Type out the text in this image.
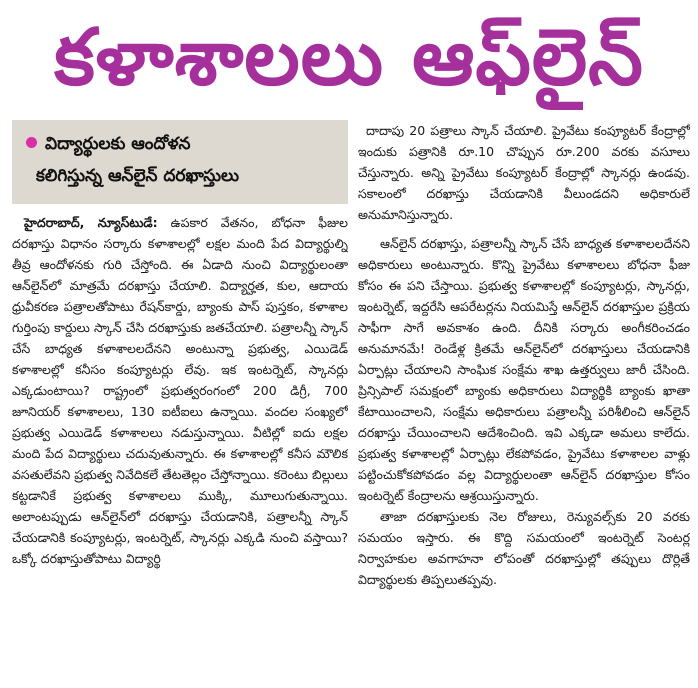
కళాశాలలు ఆఫ్‌లైన్
విద్యార్థులకు ఆందోళన
కలిగిస్తున్న ఆన్‌లైన్ దరఖాస్తులు

హైదరాబాద్, న్యూస్‌టుడే: ఉపకార వేతనం, బోధనా ఫీజుల దరఖాస్తు విధానం సర్కారు కళాశాలల్లో లక్షల మంది పేద విద్యార్థుల్ని తీవ్ర ఆందోళనకు గురి చేస్తోంది. ఈ ఏడాది నుంచి విద్యార్థులంతా ఆన్‌లైన్‌లో మాత్రమే దరఖాస్తు చేయాలి. విద్యార్హత, కుల, ఆదాయ ధ్రువీకరణ పత్రాలతోపాటు రేషన్‌కార్డు, బ్యాంకు పాస్ పుస్తకం, కళాశాల గుర్తింపు కార్డులు స్కాన్ చేసి దరఖాస్తుకు జతచేయాలి. పత్రాలన్నీ స్కాన్ చేసే బాధ్యత కళాశాలలదేనని అంటున్నా ప్రభుత్వ, ఎయిడెడ్ కళాశాలల్లో కనీసం కంప్యూటర్లు లేవు. ఇక ఇంటర్నెట్, స్కానర్లు ఎక్కడుంటాయి? రాష్ట్రంలో ప్రభుత్వరంగంలో 200 డిగ్రీ, 700 జూనియర్ కళాశాలలు, 130 ఐటీఐలు ఉన్నాయి. వందల సంఖ్యలో ప్రభుత్వ ఎయిడెడ్ కళాశాలలు నడుస్తున్నాయి. వీటిల్లో ఐదు లక్షల మంది పేద విద్యార్థులు చదువుతున్నారు. ఈ కళాశాలల్లో కనీస మౌలిక వసతులేవని ప్రభుత్వ నివేదికలే తేటతెల్లం చేస్తోన్నాయి. కరెంటు బిల్లులు కట్టడానికే ప్రభుత్వ కళాశాలలు ముక్కి, మూలుగుతున్నాయి. అలాంటప్పుడు ఆన్‌లైన్‌లో దరఖాస్తు చేయడానికి, పత్రాలన్నీ స్కాన్ చేయడానికి కంప్యూటర్లు, ఇంటర్నెట్, స్కానర్లు ఎక్కడి నుంచి వస్తాయి? ఒక్కో దరఖాస్తుతోపాటు విద్యార్థి

దాదాపు 20 పత్రాలు స్కాన్ చేయాలి. ప్రైవేటు కంప్యూటర్ కేంద్రాల్లో ఇందుకు పత్రానికి రూ.10 చొప్పున రూ.200 వరకు వసూలు చేస్తున్నారు. అన్ని ప్రైవేటు కంప్యూటర్ కేంద్రాల్లో స్కానర్లు ఉండవు. సకాలంలో దరఖాస్తు చేయడానికి వీలుండదని అధికారులే అనుమానిస్తున్నారు.

ఆన్‌లైన్ దరఖాస్తు, పత్రాలన్నీ స్కాన్ చేసే బాధ్యత కళాశాలలదేనని అధికారులు అంటున్నారు. కొన్ని ప్రైవేటు కళాశాలలు బోధనా ఫీజు కోసం ఈ పని చేస్తాయి. ప్రభుత్వ కళాశాలల్లో కంప్యూటర్లు, స్కానర్లు, ఇంటర్నెట్, ఇద్దరేసి ఆపరేటర్లను నియమిస్తే ఆన్‌లైన్ దరఖాస్తుల ప్రక్రియ సాఫీగా సాగే అవకాశం ఉంది. దీనికి సర్కారు అంగీకరించడం అనుమానమే! రెండేళ్ల క్రితమే ఆన్‌లైన్‌లో దరఖాస్తులు చేయడానికి ఏర్పాట్లు చేయాలని సాంఘిక సంక్షేమ శాఖ ఉత్తర్వులు జారీ చేసింది. ప్రిన్సిపాల్ సమక్షంలో బ్యాంకు అధికారులు విద్యార్థికి బ్యాంకు ఖాతా కేటాయించాలని, సంక్షేమ అధికారులు పత్రాలన్నీ పరిశీలించి ఆన్‌లైన్ దరఖాస్తు చేయించాలని ఆదేశించింది. ఇవి ఎక్కడా అమలు కాలేదు. ప్రభుత్వ కళాశాలల్లో ఏర్పాట్లు లేకపోవడం, ప్రైవేటు కళాశాలల వాళ్లు పట్టించుకోకపోవడం వల్ల విద్యార్థులంతా ఆన్‌లైన్ దరఖాస్తుల కోసం ఇంటర్నెట్ కేంద్రాలను ఆశ్రయిస్తున్నారు.

తాజా దరఖాస్తులకు నెల రోజులు, రెన్యువల్స్‌కు 20 వరకు సమయం ఇస్తారు. ఈ కొద్ది సమయంలో ఇంటర్నెట్ సెంటర్ల నిర్వాహకుల అవగాహనా లోపంతో దరఖాస్తుల్లో తప్పులు దొర్లితే విద్యార్థులకు తిప్పలుతప్పవు.
